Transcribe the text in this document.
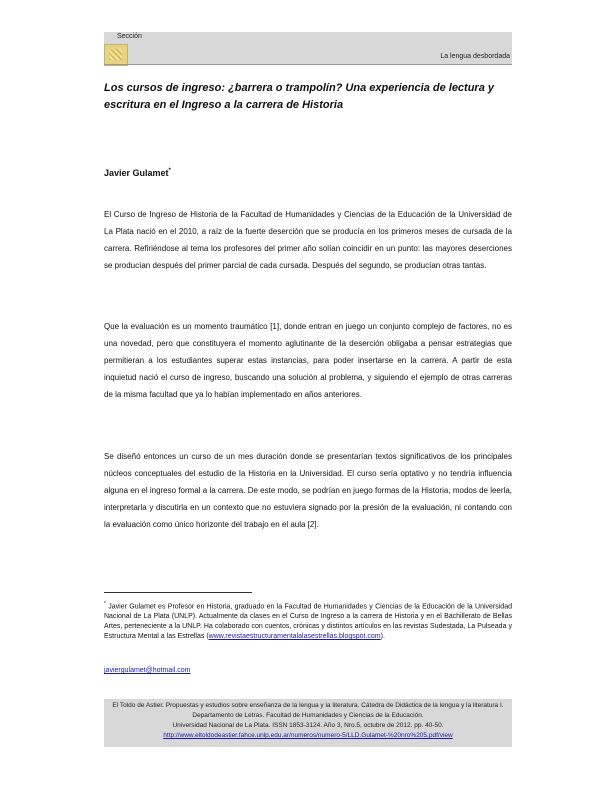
Sección
La lengua desbordada
Los cursos de ingreso: ¿barrera o trampolín? Una experiencia de lectura y escritura en el Ingreso a la carrera de Historia

Javier Gulamet*

El Curso de Ingreso de Historia de la Facultad de Humanidades y Ciencias de la Educación de la Universidad de La Plata nació en el 2010, a raíz de la fuerte deserción que se producía en los primeros meses de cursada de la carrera. Refiriéndose al tema los profesores del primer año solían coincidir en un punto: las mayores deserciones se producían después del primer parcial de cada cursada. Después del segundo, se producían otras tantas.

Que la evaluación es un momento traumático [1], donde entran en juego un conjunto complejo de factores, no es una novedad, pero que constituyera el momento aglutinante de la deserción obligaba a pensar estrategias que permitieran a los estudiantes superar estas instancias, para poder insertarse en la carrera. A partir de esta inquietud nació el curso de ingreso, buscando una solución al problema, y siguiendo el ejemplo de otras carreras de la misma facultad que ya lo habían implementado en años anteriores.

Se diseñó entonces un curso de un mes duración donde se presentarían textos significativos de los principales núcleos conceptuales del estudio de la Historia en la Universidad. El curso sería optativo y no tendría influencia alguna en el ingreso formal a la carrera. De este modo, se podrían en juego formas de la Historia, modos de leerla, interpretarla y discutirla en un contexto que no estuviera signado por la presión de la evaluación, ni contando con la evaluación como único horizonte del trabajo en el aula [2].

* Javier Gulamet es Profesor en Historia, graduado en la Facultad de Humanidades y Ciencias de la Educación de la Universidad Nacional de La Plata (UNLP). Actualmente da clases en el Curso de Ingreso a la carrera de Historia y en el Bachillerato de Bellas Artes, perteneciente a la UNLP. Ha colaborado con cuentos, crónicas y distintos artículos en las revistas Sudestada, La Pulseada y Estructura Mental a las Estrellas (www.revistaestructuramentalalasestrellas.blogspot.com).

javiergulamet@hotmail.com
El Toldo de Astier. Propuestas y estudios sobre enseñanza de la lengua y la literatura. Cátedra de Didáctica de la lengua y la literatura I. Departamento de Letras. Facultad de Humanidades y Ciencias de la Educación.
Universidad Nacional de La Plata. ISSN 1853-3124. Año 3, Nro.5, octubre de 2012. pp. 40-50.
http://www.eltoldodeastier.fahce.unlp.edu.ar/numeros/numero-5/LLD.Gulamet-%20nro%205.pdf/view
